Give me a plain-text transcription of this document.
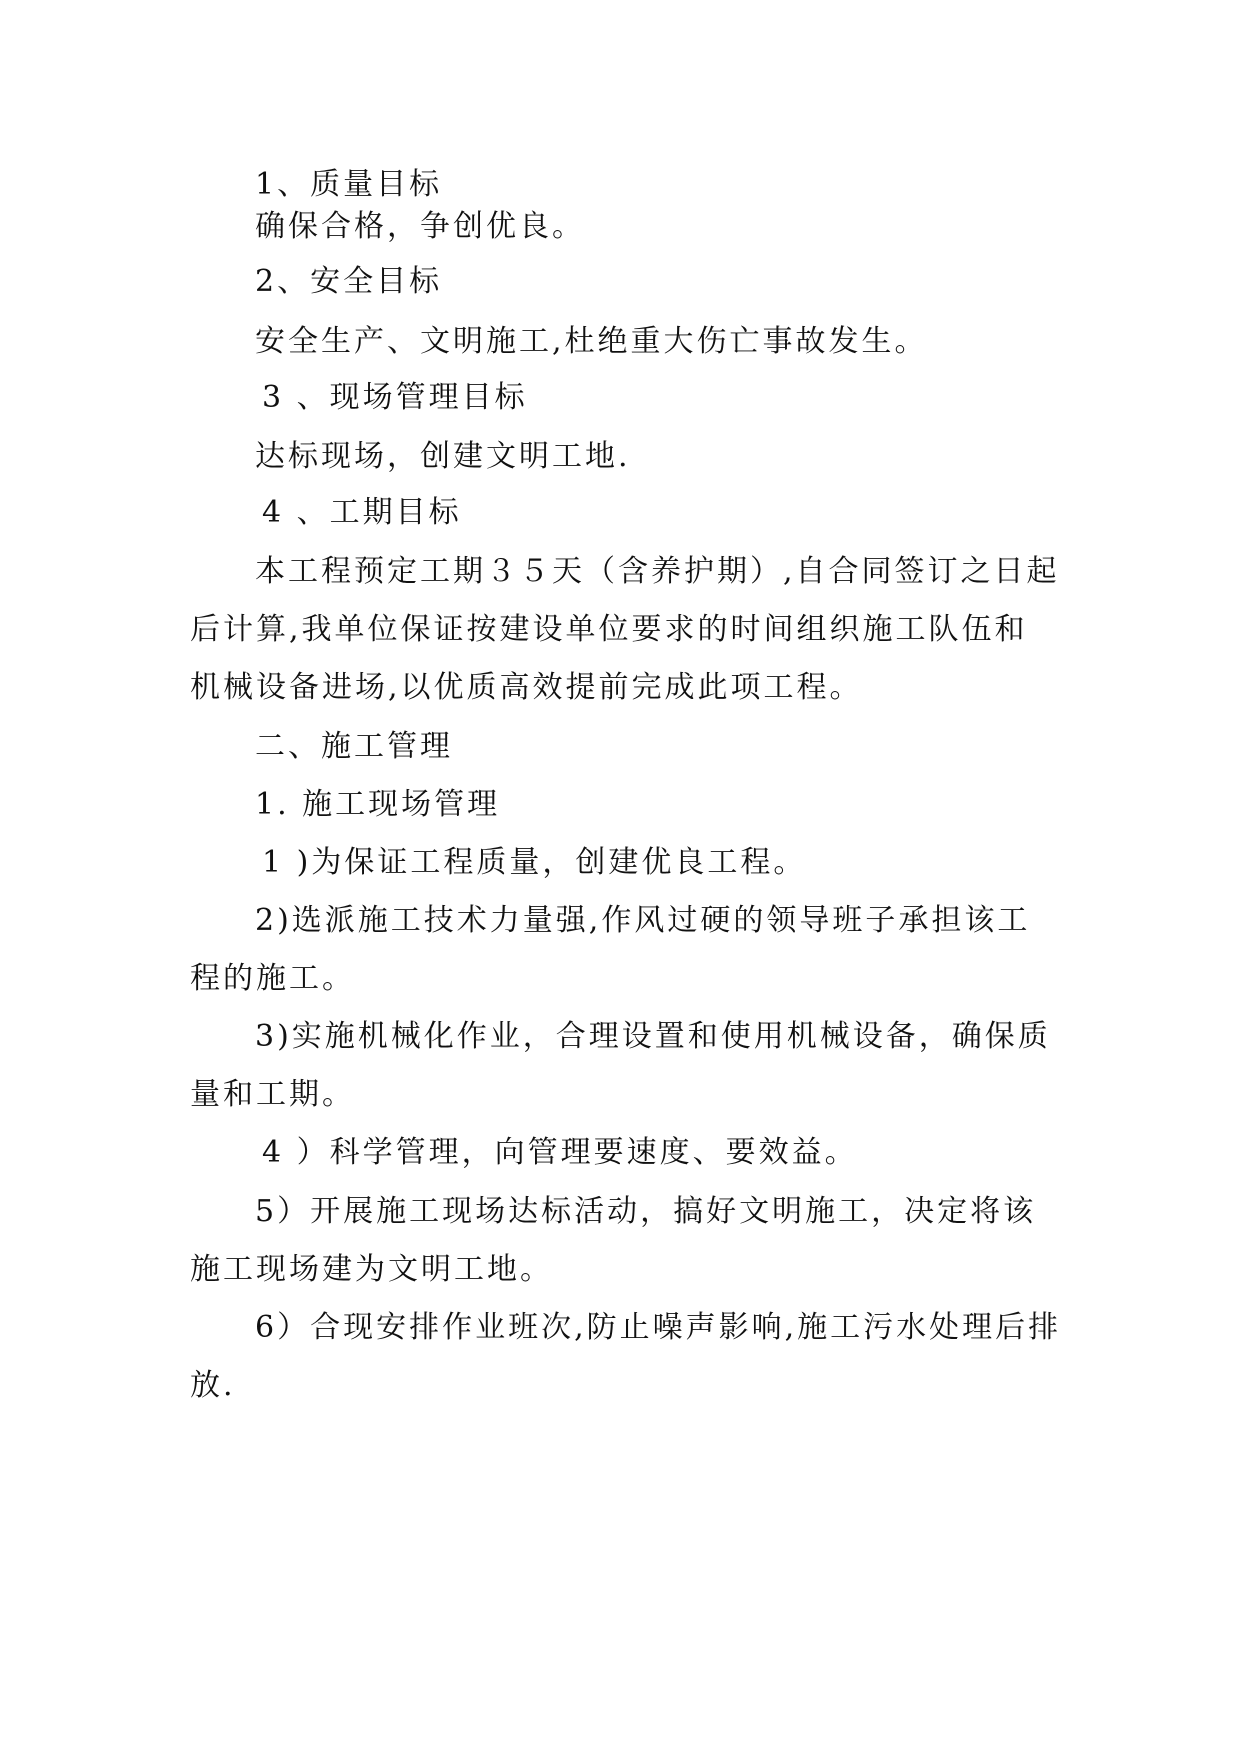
1、质量目标
确保合格，争创优良。
2、安全目标
安全生产、文明施工,杜绝重大伤亡事故发生。
3 、现场管理目标
达标现场，创建文明工地.
4 、工期目标
本工程预定工期３５天（含养护期）,自合同签订之日起
后计算,我单位保证按建设单位要求的时间组织施工队伍和
机械设备进场,以优质高效提前完成此项工程。
二、施工管理
1. 施工现场管理
1 )为保证工程质量，创建优良工程。
2)选派施工技术力量强,作风过硬的领导班子承担该工
程的施工。
3)实施机械化作业，合理设置和使用机械设备，确保质
量和工期。
4 ）科学管理，向管理要速度、要效益。
5）开展施工现场达标活动，搞好文明施工，决定将该
施工现场建为文明工地。
6）合现安排作业班次,防止噪声影响,施工污水处理后排
放.
